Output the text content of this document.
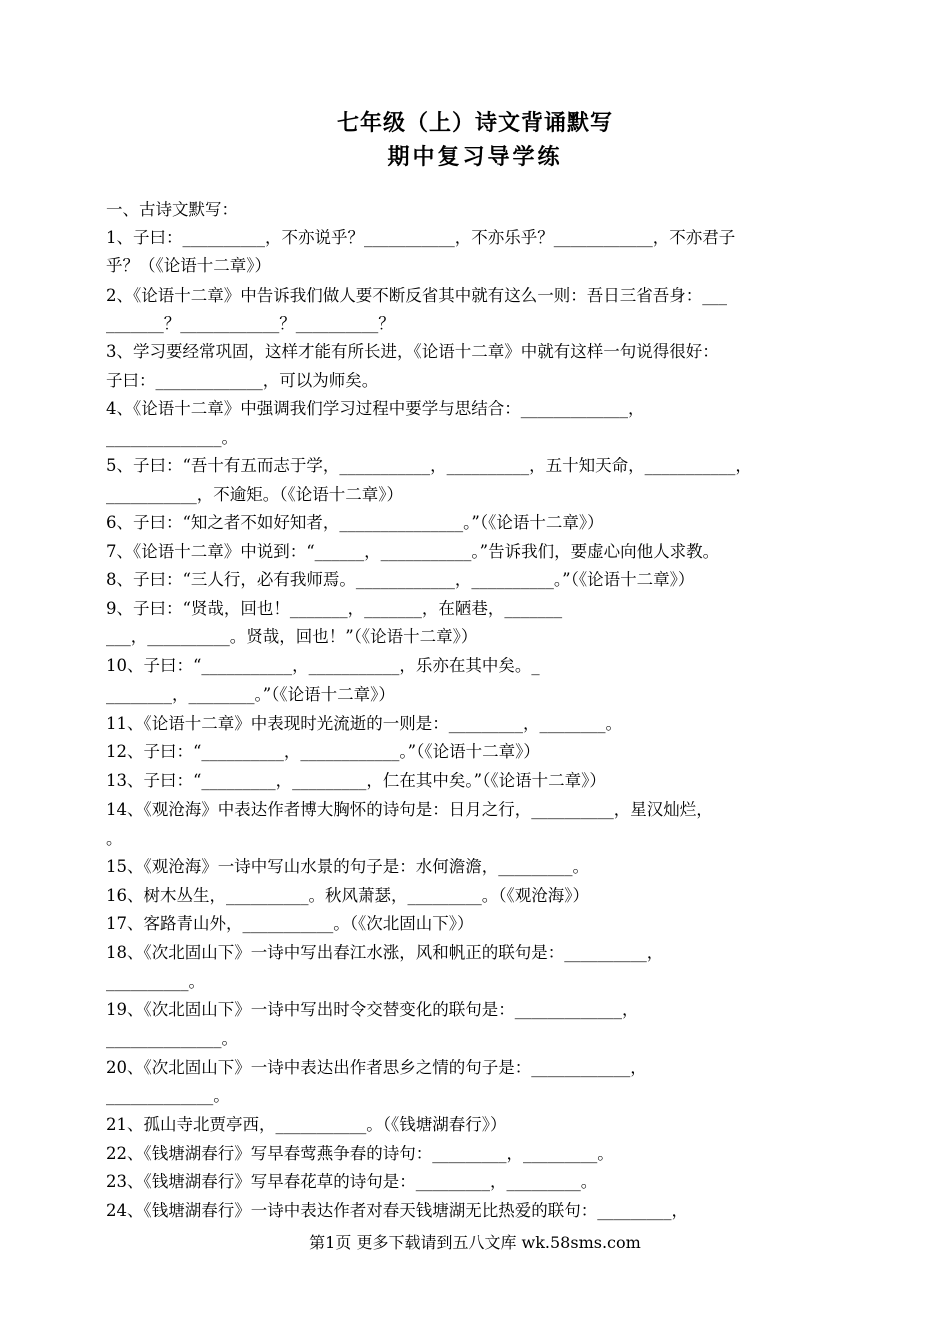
七年级（上）诗文背诵默写
期中复习导学练
一、古诗文默写：
1、子曰：__________，不亦说乎？___________，不亦乐乎？____________，不亦君子
乎？（《论语十二章》）
2、《论语十二章》中告诉我们做人要不断反省其中就有这么一则：吾日三省吾身：___
_______？____________？__________？
3、学习要经常巩固，这样才能有所长进，《论语十二章》中就有这样一句说得很好：
子曰：_____________，可以为师矣。
4、《论语十二章》中强调我们学习过程中要学与思结合：_____________，
______________。
5、子曰：“吾十有五而志于学，___________，__________，五十知天命，___________，
___________，不逾矩。（《论语十二章》）
6、子曰：“知之者不如好知者，_______________。”（《论语十二章》）
7、《论语十二章》中说到：“______，___________。”告诉我们，要虚心向他人求教。
8、子曰：“三人行，必有我师焉。____________，__________。”（《论语十二章》）
9、子曰：“贤哉，回也！_______，_______，在陋巷，_______
___，__________。贤哉，回也！”（《论语十二章》）
10、子曰：“___________，___________，乐亦在其中矣。_
________，________。”（《论语十二章》）
11、《论语十二章》中表现时光流逝的一则是：_________，________。
12、子曰：“__________，____________。”（《论语十二章》）
13、子曰：“_________，_________，仁在其中矣。”（《论语十二章》）
14、《观沧海》中表达作者博大胸怀的诗句是：日月之行，__________，星汉灿烂，
。
15、《观沧海》一诗中写山水景的句子是：水何澹澹，_________。
16、树木丛生，__________。秋风萧瑟，_________。（《观沧海》）
17、客路青山外，___________。（《次北固山下》）
18、《次北固山下》一诗中写出春江水涨，风和帆正的联句是：__________，
__________。
19、《次北固山下》一诗中写出时令交替变化的联句是：_____________，
______________。
20、《次北固山下》一诗中表达出作者思乡之情的句子是：____________，
_____________。
21、孤山寺北贾亭西，___________。（《钱塘湖春行》）
22、《钱塘湖春行》写早春莺燕争春的诗句：_________，_________。
23、《钱塘湖春行》写早春花草的诗句是：_________，_________。
24、《钱塘湖春行》一诗中表达作者对春天钱塘湖无比热爱的联句：_________，
第1页 更多下载请到五八文库 wk.58sms.com
